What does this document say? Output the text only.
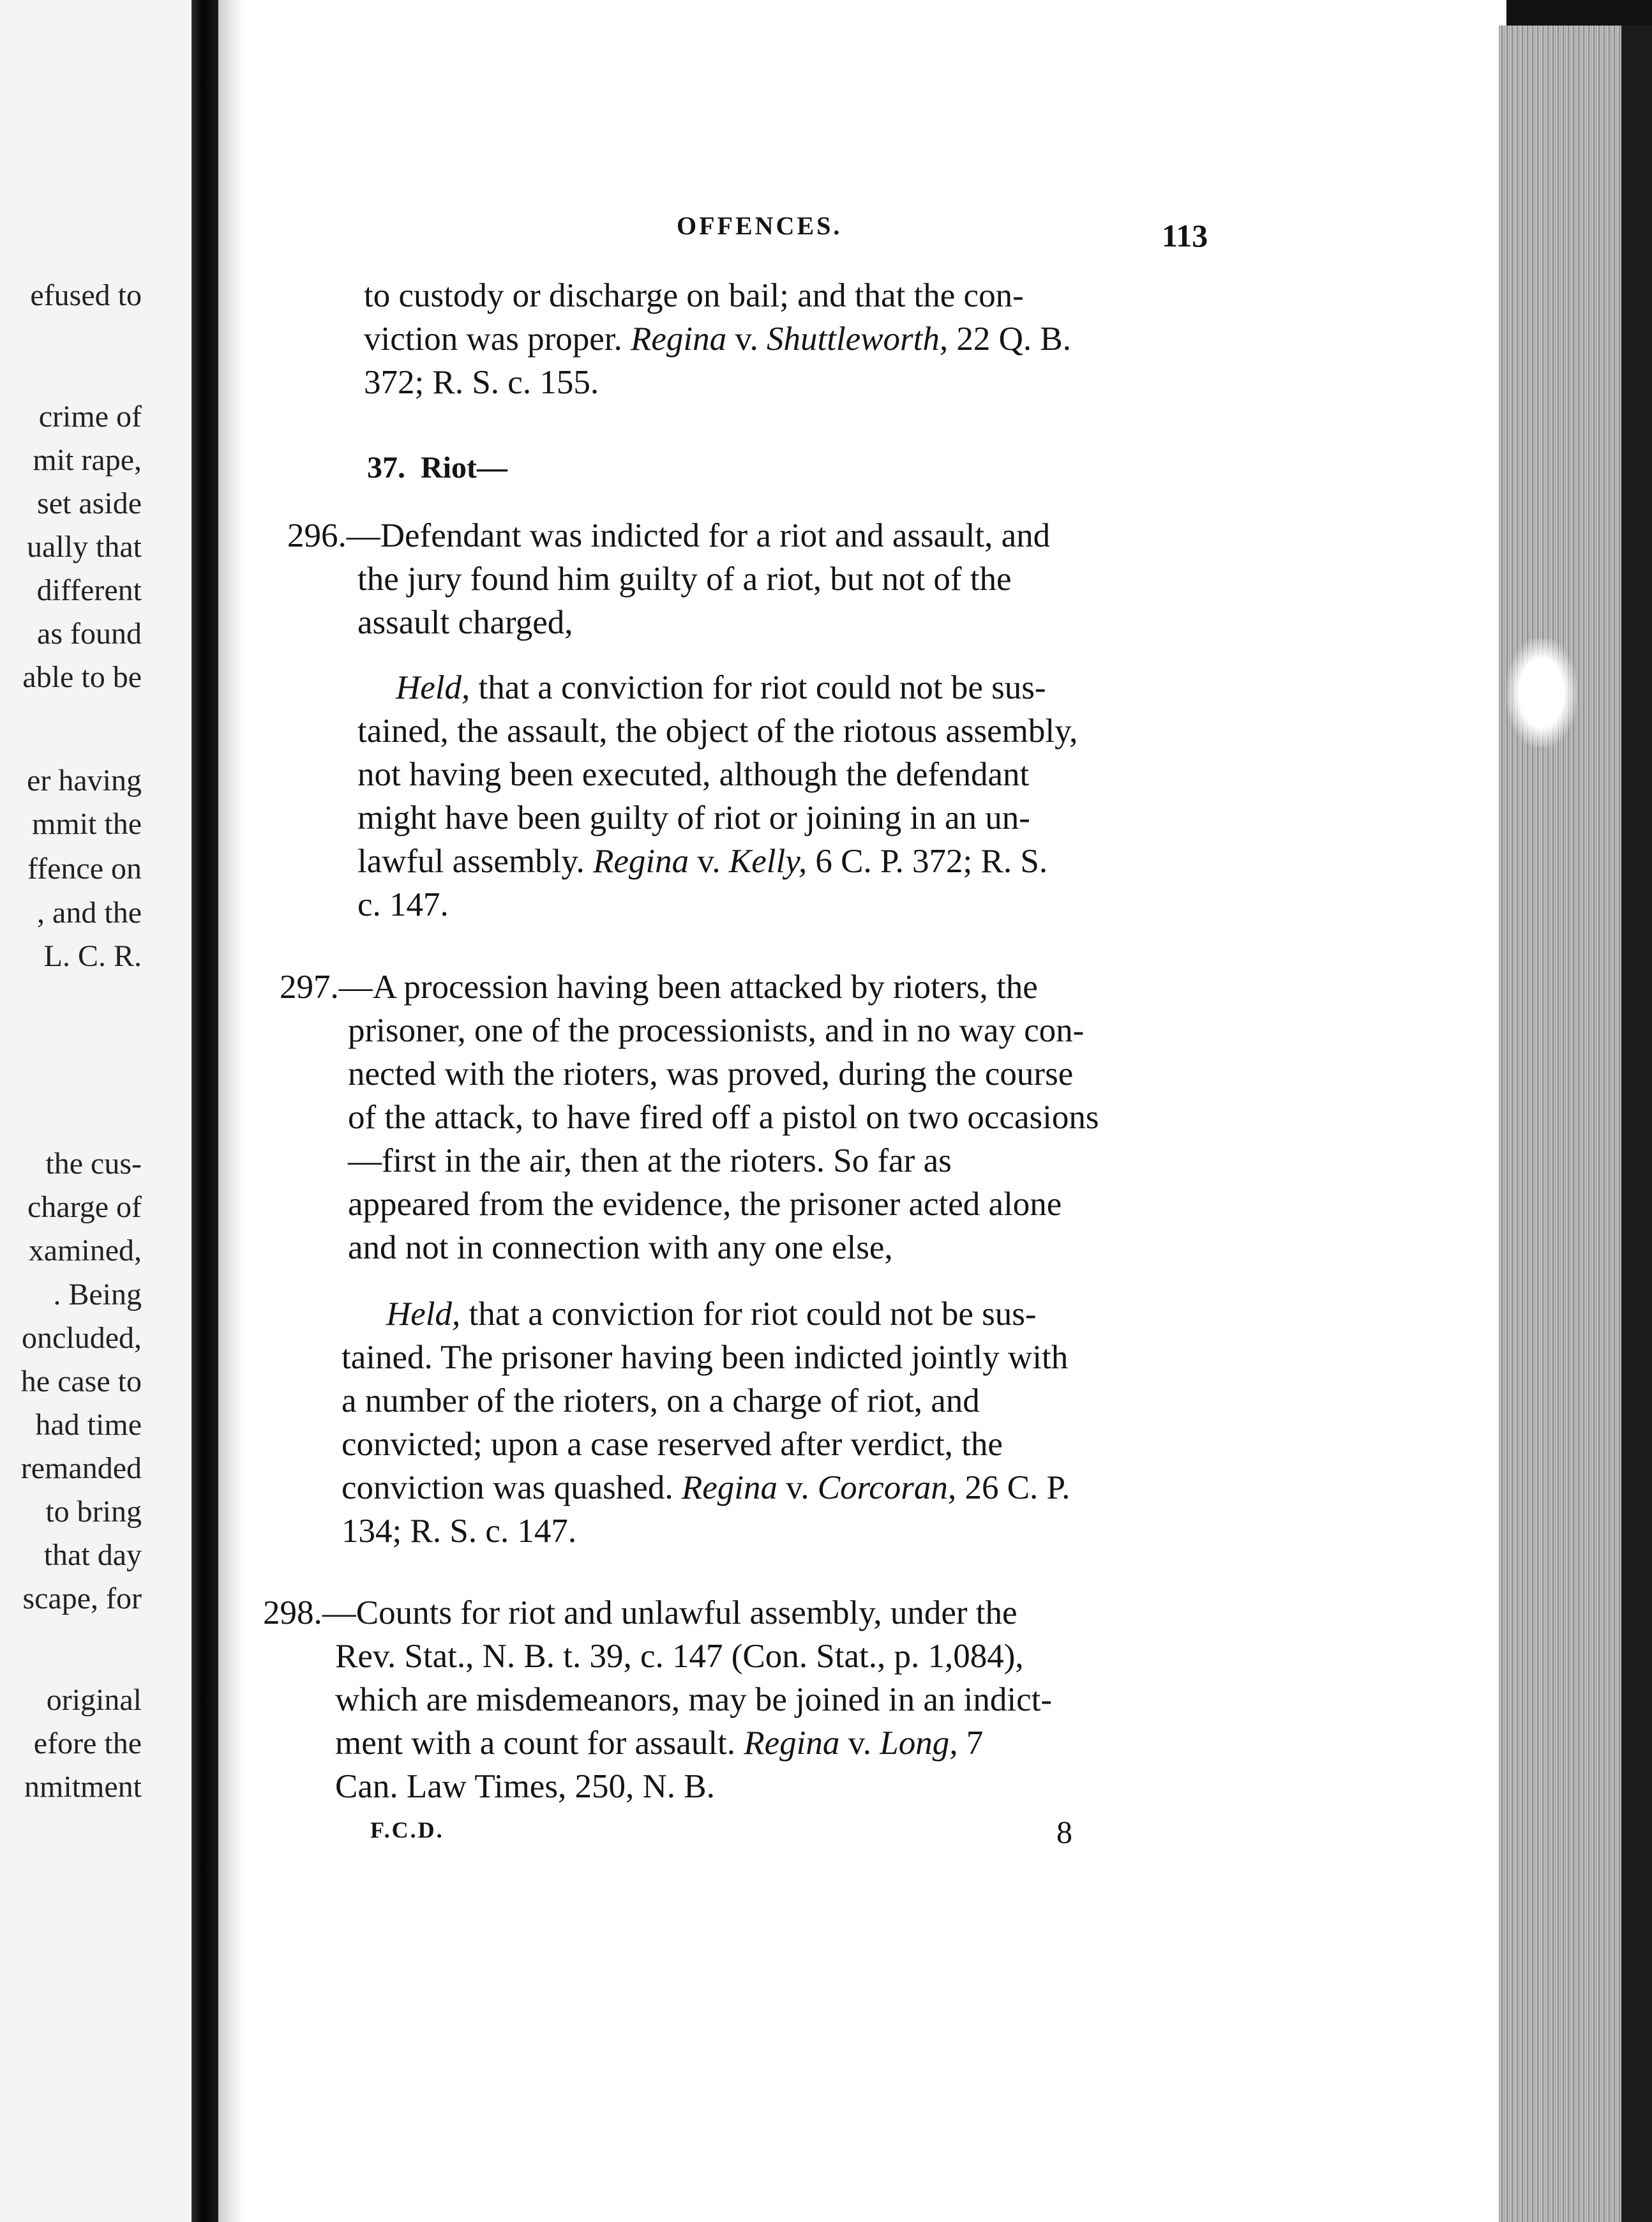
efused to
crime of
mit rape,
set aside
ually that
different
as found
able to be
er having
mmit the
ffence on
, and the
L. C. R.
the cus-
charge of
xamined,
. Being
oncluded,
he case to
had time
remanded
to bring
that day
scape, for
original
efore the
nmitment
OFFENCES.	113
to custody or discharge on bail; and that the con-
viction was proper. Regina v. Shuttleworth, 22 Q. B.
372; R. S. c. 155.
37. Riot—
296.—Defendant was indicted for a riot and assault, and
the jury found him guilty of a riot, but not of the
assault charged,
Held, that a conviction for riot could not be sus-
tained, the assault, the object of the riotous assembly,
not having been executed, although the defendant
might have been guilty of riot or joining in an un-
lawful assembly. Regina v. Kelly, 6 C. P. 372; R. S.
c. 147.
297.—A procession having been attacked by rioters, the
prisoner, one of the processionists, and in no way con-
nected with the rioters, was proved, during the course
of the attack, to have fired off a pistol on two occasions
—first in the air, then at the rioters. So far as
appeared from the evidence, the prisoner acted alone
and not in connection with any one else,
Held, that a conviction for riot could not be sus-
tained. The prisoner having been indicted jointly with
a number of the rioters, on a charge of riot, and
convicted; upon a case reserved after verdict, the
conviction was quashed. Regina v. Corcoran, 26 C. P.
134; R. S. c. 147.
298.—Counts for riot and unlawful assembly, under the
Rev. Stat., N. B. t. 39, c. 147 (Con. Stat., p. 1,084),
which are misdemeanors, may be joined in an indict-
ment with a count for assault. Regina v. Long, 7
Can. Law Times, 250, N. B.
F.C.D.	8
